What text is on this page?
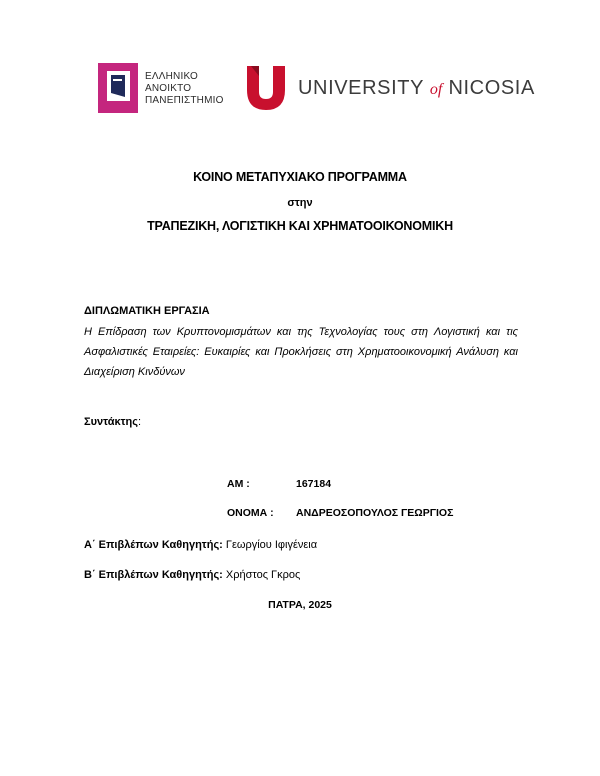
ΕΛΛΗΝΙΚΟ
ΑΝΟΙΚΤΟ
ΠΑΝΕΠΙΣΤΗΜΙΟ
UNIVERSITY of NICOSIA
ΚΟΙΝΟ ΜΕΤΑΠΥΧΙΑΚΟ ΠΡΟΓΡΑΜΜΑ
στην
ΤΡΑΠΕΖΙΚΗ, ΛΟΓΙΣΤΙΚΗ ΚΑΙ ΧΡΗΜΑΤΟΟΙΚΟΝΟΜΙΚΗ
ΔΙΠΛΩΜΑΤΙΚΗ ΕΡΓΑΣΙΑ
Η Επίδραση των Κρυπτονομισμάτων και της Τεχνολογίας τους στη Λογιστική και τις Ασφαλιστικές Εταιρείες: Ευκαιρίες και Προκλήσεις στη Χρηματοοικονομική Ανάλυση και Διαχείριση Κινδύνων
Συντάκτης:
ΑΜ :	167184
ΟΝΟΜΑ : ΑΝΔΡΕΟΣΟΠΟΥΛΟΣ ΓΕΩΡΓΙΟΣ
Α΄ Επιβλέπων Καθηγητής: Γεωργίου Ιφιγένεια
Β΄ Επιβλέπων Καθηγητής: Χρήστος Γκρος
ΠΑΤΡΑ, 2025
